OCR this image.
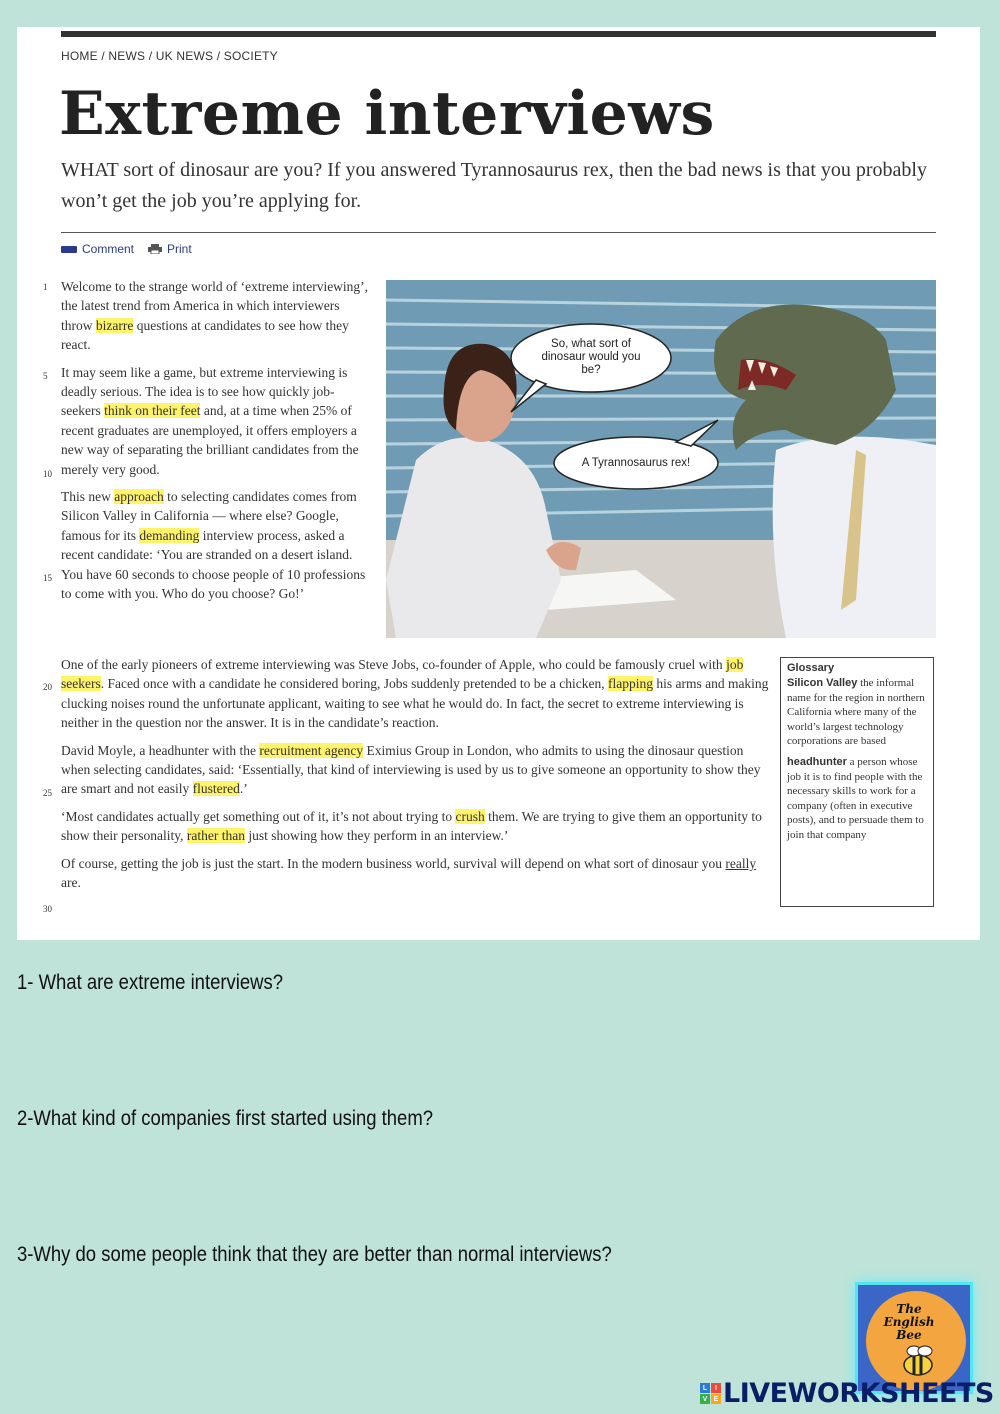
HOME / NEWS / UK NEWS / SOCIETY
Extreme interviews
WHAT sort of dinosaur are you? If you answered Tyrannosaurus rex, then the bad news is that you probably won’t get the job you’re applying for.
Comment	Print
1
5
10
15
20
25
30

Welcome to the strange world of ‘extreme interviewing’, the latest trend from America in which interviewers throw bizarre questions at candidates to see how they react.

It may seem like a game, but extreme interviewing is deadly serious. The idea is to see how quickly job-seekers think on their feet and, at a time when 25% of recent graduates are unemployed, it offers employers a new way of separating the brilliant candidates from the merely very good.

This new approach to selecting candidates comes from Silicon Valley in California — where else? Google, famous for its demanding interview process, asked a recent candidate: ‘You are stranded on a desert island. You have 60 seconds to choose people of 10 professions to come with you. Who do you choose? Go!’

So, what sort of dinosaur would you be?
A Tyrannosaurus rex!

One of the early pioneers of extreme interviewing was Steve Jobs, co-founder of Apple, who could be famously cruel with job seekers. Faced once with a candidate he considered boring, Jobs suddenly pretended to be a chicken, flapping his arms and making clucking noises round the unfortunate applicant, waiting to see what he would do. In fact, the secret to extreme interviewing is neither in the question nor the answer. It is in the candidate’s reaction.

David Moyle, a headhunter with the recruitment agency Eximius Group in London, who admits to using the dinosaur question when selecting candidates, said: ‘Essentially, that kind of interviewing is used by us to give someone an opportunity to show they are smart and not easily flustered.’

‘Most candidates actually get something out of it, it’s not about trying to crush them. We are trying to give them an opportunity to show their personality, rather than just showing how they perform in an interview.’

Of course, getting the job is just the start. In the modern business world, survival will depend on what sort of dinosaur you really are.

Glossary
Silicon Valley the informal name for the region in northern California where many of the world’s largest technology corporations are based
headhunter a person whose job it is to find people with the necessary skills to work for a company (often in executive posts), and to persuade them to join that company
1- What are extreme interviews?
2-What kind of companies first started using them?
3-Why do some people think that they are better than normal interviews?
The English Bee
L	I
V E LIVEWORKSHEETS
